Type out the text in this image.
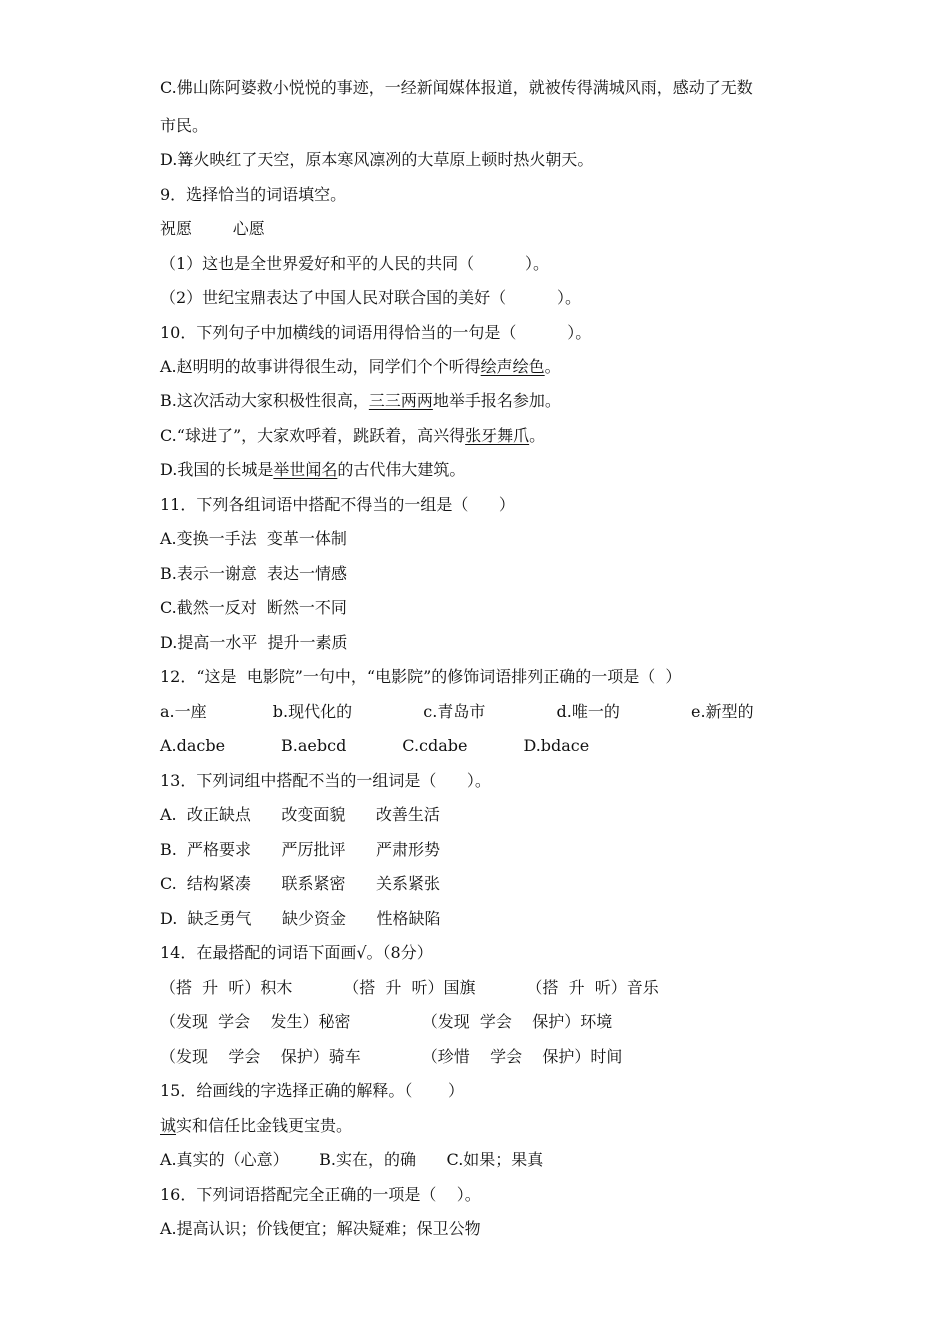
C.佛山陈阿婆救小悦悦的事迹，一经新闻媒体报道，就被传得满城风雨，感动了无数
市民。
D.篝火映红了天空，原本寒风凛冽的大草原上顿时热火朝天。
9．选择恰当的词语填空。
祝愿        心愿
（1）这也是全世界爱好和平的人民的共同（          ）。
（2）世纪宝鼎表达了中国人民对联合国的美好（          ）。
10．下列句子中加横线的词语用得恰当的一句是（          ）。
A.赵明明的故事讲得很生动，同学们个个听得绘声绘色。
B.这次活动大家积极性很高，三三两两地举手报名参加。
C.“球进了”，大家欢呼着，跳跃着，高兴得张牙舞爪。
D.我国的长城是举世闻名的古代伟大建筑。
11．下列各组词语中搭配不得当的一组是（      ）
A.变换一手法  变革一体制
B.表示一谢意  表达一情感
C.截然一反对  断然一不同
D.提高一水平  提升一素质
12．“这是  电影院”一句中，“电影院”的修饰词语排列正确的一项是（  ）
a.一座             b.现代化的              c.青岛市              d.唯一的              e.新型的
A.dacbe           B.aebcd           C.cdabe           D.bdace
13．下列词组中搭配不当的一组词是（      ）。
A.  改正缺点      改变面貌      改善生活
B.  严格要求      严厉批评      严肃形势
C.  结构紧凑      联系紧密      关系紧张
D.  缺乏勇气      缺少资金      性格缺陷
14．在最搭配的词语下面画√。（8分）
（搭  升  听）积木          （搭  升  听）国旗          （搭  升  听）音乐
（发现  学会    发生）秘密              （发现  学会    保护）环境
（发现    学会    保护）骑车            （珍惜    学会    保护）时间
15．给画线的字选择正确的解释。（       ）
诚实和信任比金钱更宝贵。
A.真实的（心意）      B.实在，的确      C.如果；果真
16．下列词语搭配完全正确的一项是（    ）。
A.提高认识；价钱便宜；解决疑难；保卫公物
